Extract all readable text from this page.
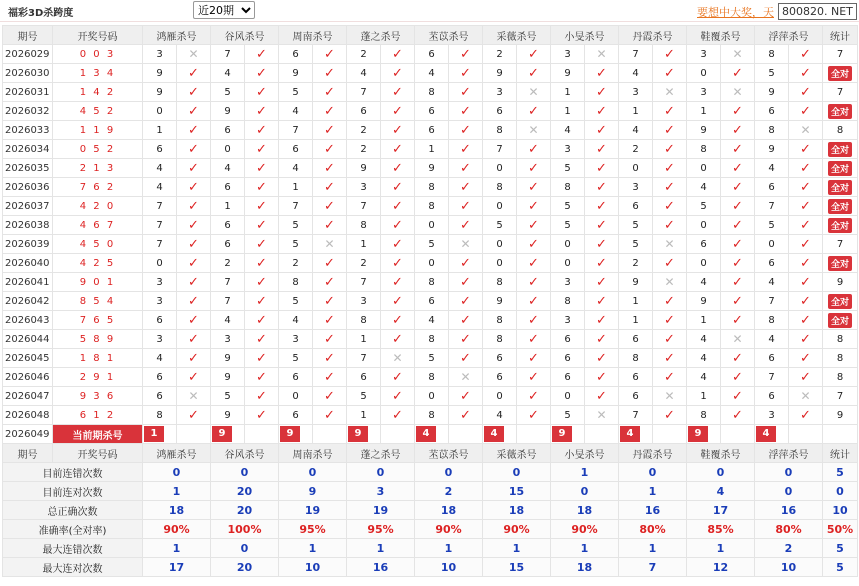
福彩3D杀跨度
近20期	要想中大奖，天 800820. NET
期号	开奖号码	鸿雁杀号		谷风杀号		周南杀号		蓬之杀号		苤苡杀号		采薇杀号		小旻杀号		丹霞杀号		鞋覆杀号		浮萍杀号		统计
2026029	0 0 3	3	✕	7	✓	6	✓	2	✓	6	✓	2	✓	3	✕	7	✓	3	✕	8	✓	7
2026030	1 3 4	9	✓	4	✓	9	✓	4	✓	4	✓	9	✓	9	✓	4	✓	0	✓	5	✓	全对
2026031	1 4 2	9	✓	5	✓	5	✓	7	✓	8	✓	3	✕	1	✓	3	✕	3	✕	9	✓	7
2026032	4 5 2	0	✓	9	✓	4	✓	6	✓	6	✓	6	✓	1	✓	1	✓	1	✓	6	✓	全对
2026033	1 1 9	1	✓	6	✓	7	✓	2	✓	6	✓	8	✕	4	✓	4	✓	9	✓	8	✕	8
2026034	0 5 2	6	✓	0	✓	6	✓	2	✓	1	✓	7	✓	3	✓	2	✓	8	✓	9	✓	全对
2026035	2 1 3	4	✓	4	✓	4	✓	9	✓	9	✓	0	✓	5	✓	0	✓	0	✓	4	✓	全对
2026036	7 6 2	4	✓	6	✓	1	✓	3	✓	8	✓	8	✓	8	✓	3	✓	4	✓	6	✓	全对
2026037	4 2 0	7	✓	1	✓	7	✓	7	✓	8	✓	0	✓	5	✓	6	✓	5	✓	7	✓	全对
2026038	4 6 7	7	✓	6	✓	5	✓	8	✓	0	✓	5	✓	5	✓	5	✓	0	✓	5	✓	全对
2026039	4 5 0	7	✓	6	✓	5	✕	1	✓	5	✕	0	✓	0	✓	5	✕	6	✓	0	✓	7
2026040	4 2 5	0	✓	2	✓	2	✓	2	✓	0	✓	0	✓	0	✓	2	✓	0	✓	6	✓	全对
2026041	9 0 1	3	✓	7	✓	8	✓	7	✓	8	✓	8	✓	3	✓	9	✕	4	✓	4	✓	9
2026042	8 5 4	3	✓	7	✓	5	✓	3	✓	6	✓	9	✓	8	✓	1	✓	9	✓	7	✓	全对
2026043	7 6 5	6	✓	4	✓	4	✓	8	✓	4	✓	8	✓	3	✓	1	✓	1	✓	8	✓	全对
2026044	5 8 9	3	✓	3	✓	3	✓	1	✓	8	✓	8	✓	6	✓	6	✓	4	✕	4	✓	8
2026045	1 8 1	4	✓	9	✓	5	✓	7	✕	5	✓	6	✓	6	✓	8	✓	4	✓	6	✓	8
2026046	2 9 1	6	✓	9	✓	6	✓	6	✓	8	✕	6	✓	6	✓	6	✓	4	✓	7	✓	8
2026047	9 3 6	6	✕	5	✓	0	✓	5	✓	0	✓	0	✓	0	✓	6	✕	1	✓	6	✕	7
2026048	6 1 2	8	✓	9	✓	6	✓	1	✓	8	✓	4	✓	5	✕	7	✓	8	✓	3	✓	9
2026049	当前期杀号	1		9		9		9		4		4		9		4		9		4		

期号	开奖号码	鸿雁杀号		谷风杀号		周南杀号		蓬之杀号		苤苡杀号		采薇杀号		小旻杀号		丹霞杀号		鞋覆杀号		浮萍杀号		统计
目前连错次数		0		0		0		0		0		0		1		0		0		0		5
目前连对次数		1		20		9		3		2		15		0		1		4		0		0
总正确次数		18		20		19		19		18		18		18		16		17		16		10
准确率(全对率)		90%		100%		95%		95%		90%		90%		90%		80%		85%		80%		50%
最大连错次数		1		0		1		1		1		1		1		1		1		2		5
最大连对次数		17		20		10		16		10		15		18		7		12		10		5
